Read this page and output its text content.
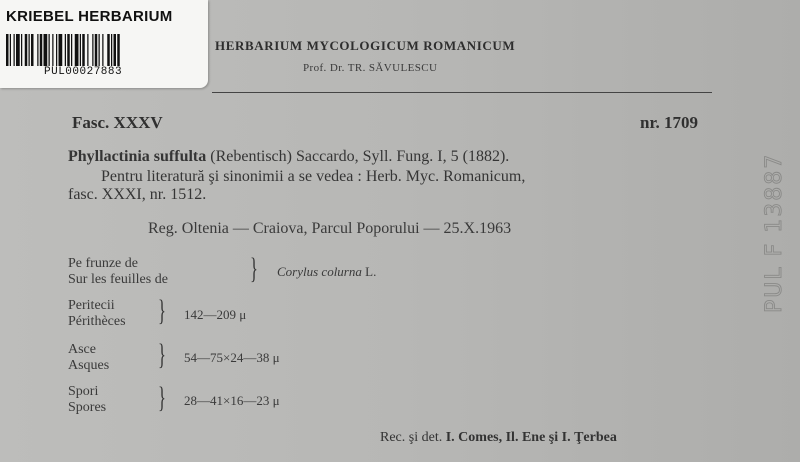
KRIEBEL HERBARIUM
PUL00027883
HERBARIUM MYCOLOGICUM ROMANICUM
Prof. Dr. TR. SĂVULESCU
Fasc. XXXV	nr. 1709
Phyllactinia suffulta (Rebentisch) Saccardo, Syll. Fung. I, 5 (1882).
Pentru literatură şi sinonimii a se vedea : Herb. Myc. Romanicum,
fasc. XXXI, nr. 1512.
Reg. Oltenia — Craiova, Parcul Poporului — 25.X.1963
Pe frunze de
Sur les feuilles de	} Corylus colurna L.
Peritecii
Périthèces } 142—209 μ
Asce
Asques } 54—75×24—38 μ
Spori
Spores } 28—41×16—23 μ
Rec. şi det. I. Comes, Il. Ene şi I. Ţerbea
PUL F 13887
